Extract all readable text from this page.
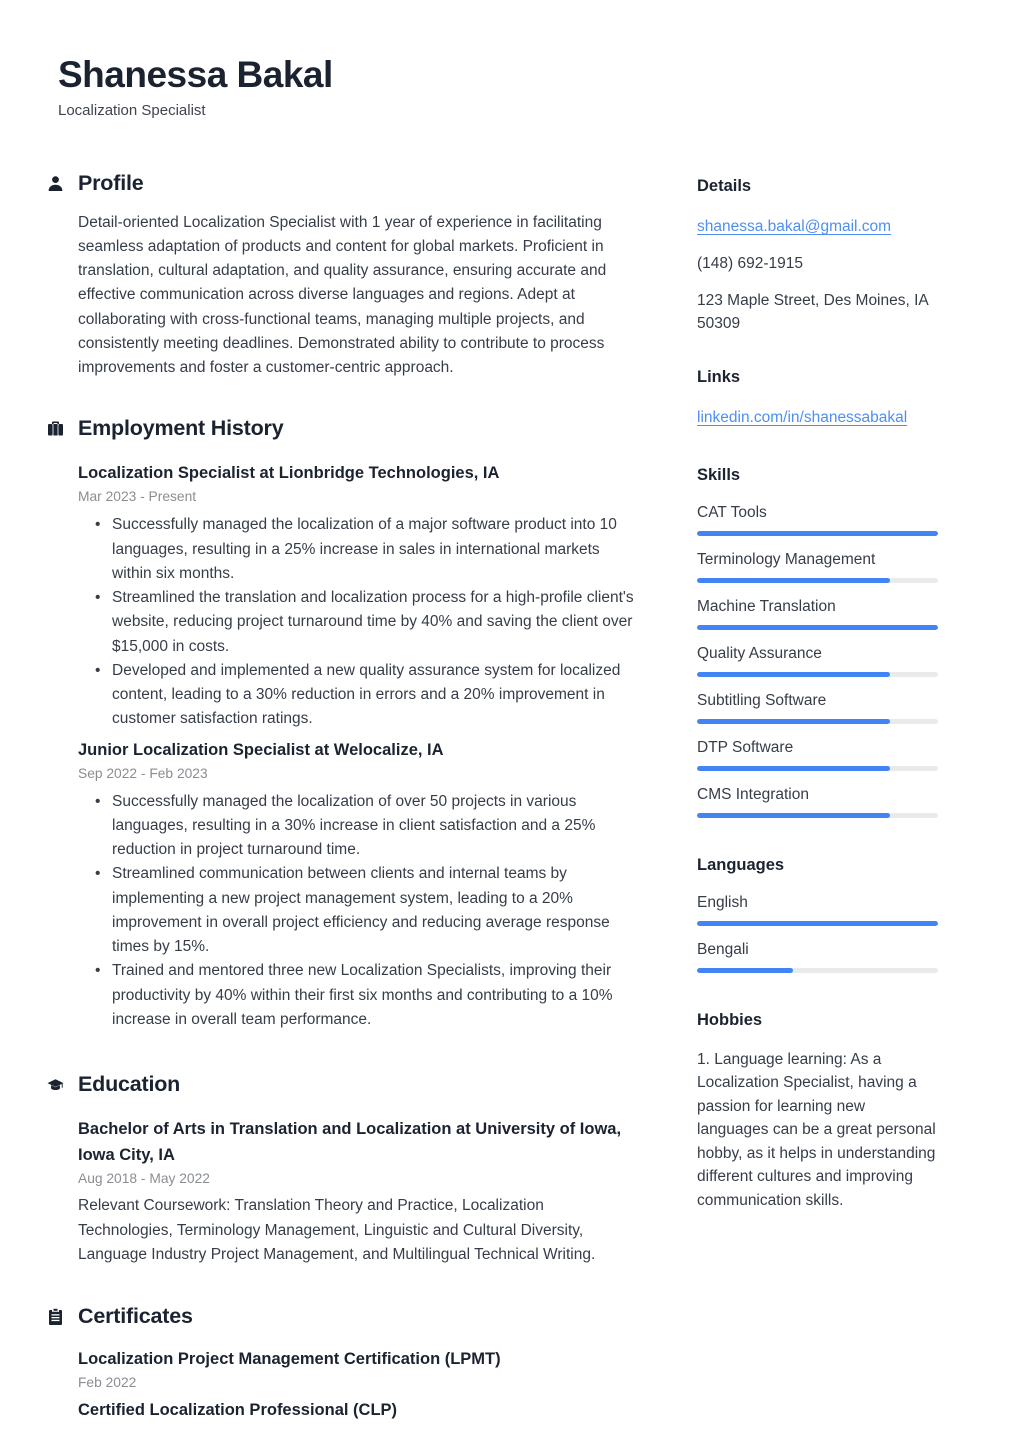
Shanessa Bakal
Localization Specialist
Profile
Detail-oriented Localization Specialist with 1 year of experience in facilitating seamless adaptation of products and content for global markets. Proficient in translation, cultural adaptation, and quality assurance, ensuring accurate and effective communication across diverse languages and regions. Adept at collaborating with cross-functional teams, managing multiple projects, and consistently meeting deadlines. Demonstrated ability to contribute to process improvements and foster a customer-centric approach.
Employment History
Localization Specialist at Lionbridge Technologies, IA
Mar 2023 - Present
• Successfully managed the localization of a major software product into 10 languages, resulting in a 25% increase in sales in international markets within six months.
• Streamlined the translation and localization process for a high-profile client's website, reducing project turnaround time by 40% and saving the client over $15,000 in costs.
• Developed and implemented a new quality assurance system for localized content, leading to a 30% reduction in errors and a 20% improvement in customer satisfaction ratings.
Junior Localization Specialist at Welocalize, IA
Sep 2022 - Feb 2023
• Successfully managed the localization of over 50 projects in various languages, resulting in a 30% increase in client satisfaction and a 25% reduction in project turnaround time.
• Streamlined communication between clients and internal teams by implementing a new project management system, leading to a 20% improvement in overall project efficiency and reducing average response times by 15%.
• Trained and mentored three new Localization Specialists, improving their productivity by 40% within their first six months and contributing to a 10% increase in overall team performance.
Education
Bachelor of Arts in Translation and Localization at University of Iowa, Iowa City, IA
Aug 2018 - May 2022
Relevant Coursework: Translation Theory and Practice, Localization Technologies, Terminology Management, Linguistic and Cultural Diversity, Language Industry Project Management, and Multilingual Technical Writing.
Certificates
Localization Project Management Certification (LPMT)
Feb 2022
Certified Localization Professional (CLP)
Details
shanessa.bakal@gmail.com
(148) 692-1915
123 Maple Street, Des Moines, IA 50309
Links
linkedin.com/in/shanessabakal
Skills
CAT Tools
Terminology Management
Machine Translation
Quality Assurance
Subtitling Software
DTP Software
CMS Integration
Languages
English
Bengali
Hobbies
1. Language learning: As a Localization Specialist, having a passion for learning new languages can be a great personal hobby, as it helps in understanding different cultures and improving communication skills.
